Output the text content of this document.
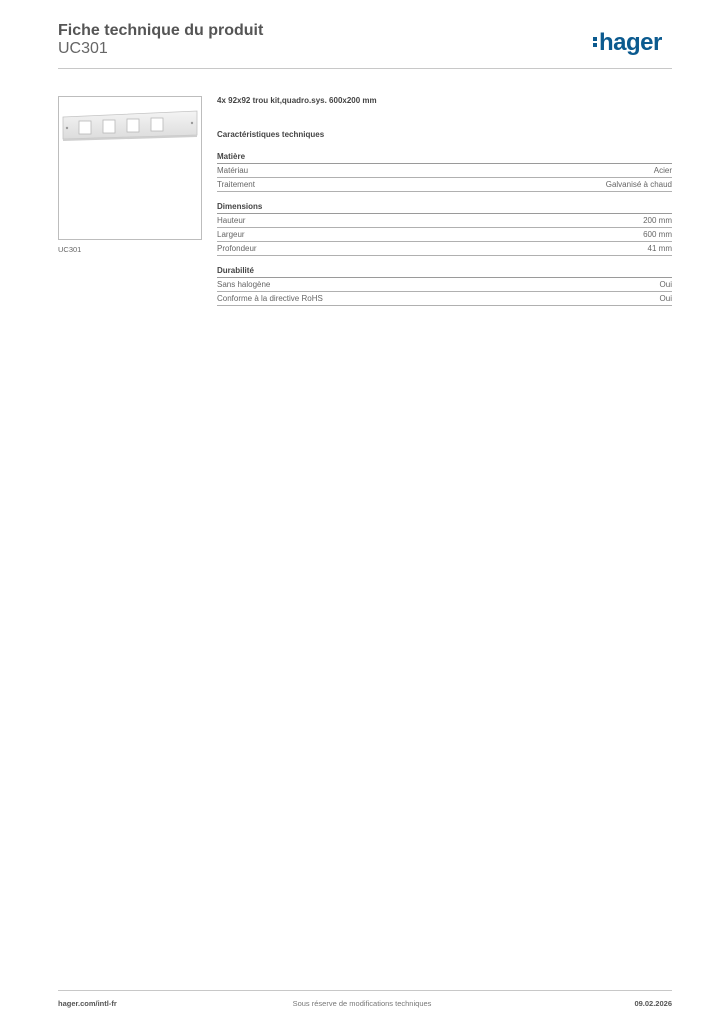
Fiche technique du produit
UC301	hager
UC301
4x 92x92 trou kit,quadro.sys. 600x200 mm
Caractéristiques techniques
Matière
Matériau	Acier
Traitement	Galvanisé à chaud
Dimensions
Hauteur	200 mm
Largeur	600 mm
Profondeur	41 mm
Durabilité
Sans halogène	Oui
Conforme à la directive RoHS	Oui
hager.com/intl-fr	Sous réserve de modifications techniques	09.02.2026
